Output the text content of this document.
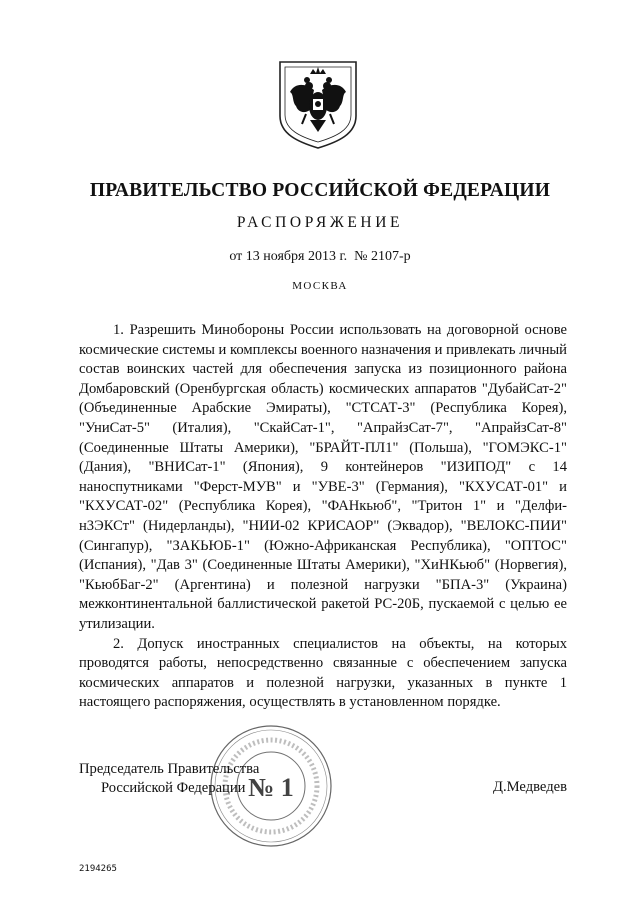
ПРАВИТЕЛЬСТВО РОССИЙСКОЙ ФЕДЕРАЦИИ
РАСПОРЯЖЕНИЕ
от 13 ноября 2013 г.  № 2107-р
МОСКВА

1. Разрешить Минобороны России использовать на договорной основе космические системы и комплексы военного назначения и привлекать личный состав воинских частей для обеспечения запуска из позиционного района Домбаровский (Оренбургская область) космических аппаратов "ДубайСат-2" (Объединенные Арабские Эмираты), "СТСАТ-3" (Республика Корея), "УниСат-5" (Италия), "СкайСат-1", "АпрайзСат-7", "АпрайзСат-8" (Соединенные Штаты Америки), "БРАЙТ-ПЛ1" (Польша), "ГОМЭКС-1" (Дания), "ВНИСат-1" (Япония), 9 контейнеров "ИЗИПОД" с 14 наноспутниками "Ферст-МУВ" и "УВЕ-3" (Германия), "КХУСАТ-01" и "КХУСАТ-02" (Республика Корея), "ФАНкьюб", "Тритон 1" и "Делфи-н3ЭКСт" (Нидерланды), "НИИ-02 КРИСАОР" (Эквадор), "ВЕЛОКС-ПИИ" (Сингапур), "ЗАКЬЮБ-1" (Южно-Африканская Республика), "ОПТОС" (Испания), "Дав 3" (Соединенные Штаты Америки), "ХиНКьюб" (Норвегия), "КьюбБаг-2" (Аргентина) и полезной нагрузки "БПА-3" (Украина) межконтинентальной баллистической ракетой РС-20Б, пускаемой с целью ее утилизации.

2. Допуск иностранных специалистов на объекты, на которых проводятся работы, непосредственно связанные с обеспечением запуска космических аппаратов и полезной нагрузки, указанных в пункте 1 настоящего распоряжения, осуществлять в установленном порядке.

№ 1
Председатель Правительства
Российской Федерации	Д.Медведев
2194265
